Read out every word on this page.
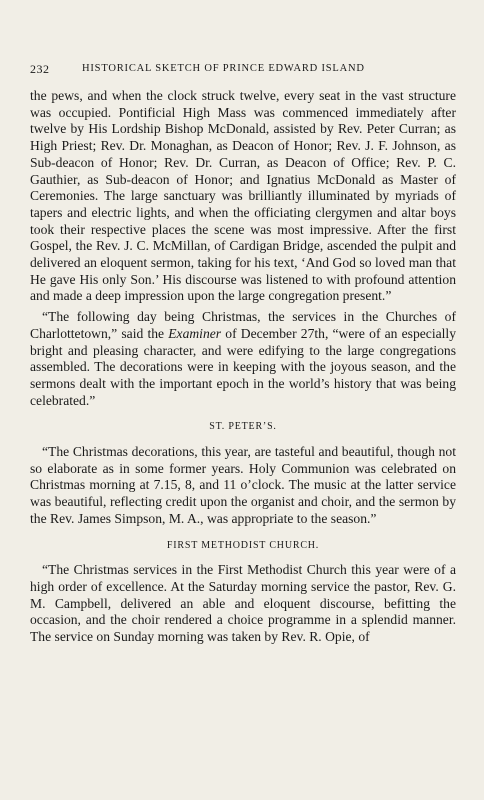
232	HISTORICAL SKETCH OF PRINCE EDWARD ISLAND

the pews, and when the clock struck twelve, every seat in the vast structure was occupied. Pontificial High Mass was commenced immediately after twelve by His Lordship Bishop McDonald, assisted by Rev. Peter Curran; as High Priest; Rev. Dr. Monaghan, as Deacon of Honor; Rev. J. F. Johnson, as Sub-deacon of Honor; Rev. Dr. Curran, as Deacon of Office; Rev. P. C. Gauthier, as Sub-deacon of Honor; and Ignatius McDonald as Master of Ceremonies. The large sanctuary was brilliantly illuminated by myriads of tapers and electric lights, and when the officiating clergymen and altar boys took their respective places the scene was most impressive. After the first Gospel, the Rev. J. C. McMillan, of Cardigan Bridge, ascended the pulpit and delivered an eloquent sermon, taking for his text, ‘And God so loved man that He gave His only Son.’ His discourse was listened to with profound attention and made a deep impression upon the large congregation present.”

“The following day being Christmas, the services in the Churches of Charlottetown,” said the Examiner of December 27th, “were of an especially bright and pleasing character, and were edifying to the large congregations assembled. The decorations were in keeping with the joyous season, and the sermons dealt with the important epoch in the world’s history that was being celebrated.”

ST. PETER’S.

“The Christmas decorations, this year, are tasteful and beautiful, though not so elaborate as in some former years. Holy Communion was celebrated on Christmas morning at 7.15, 8, and 11 o’clock. The music at the latter service was beautiful, reflecting credit upon the organist and choir, and the sermon by the Rev. James Simpson, M. A., was appropriate to the season.”

FIRST METHODIST CHURCH.

“The Christmas services in the First Methodist Church this year were of a high order of excellence. At the Saturday morning service the pastor, Rev. G. M. Campbell, delivered an able and eloquent discourse, befitting the occasion, and the choir rendered a choice programme in a splendid manner. The service on Sunday morning was taken by Rev. R. Opie, of
